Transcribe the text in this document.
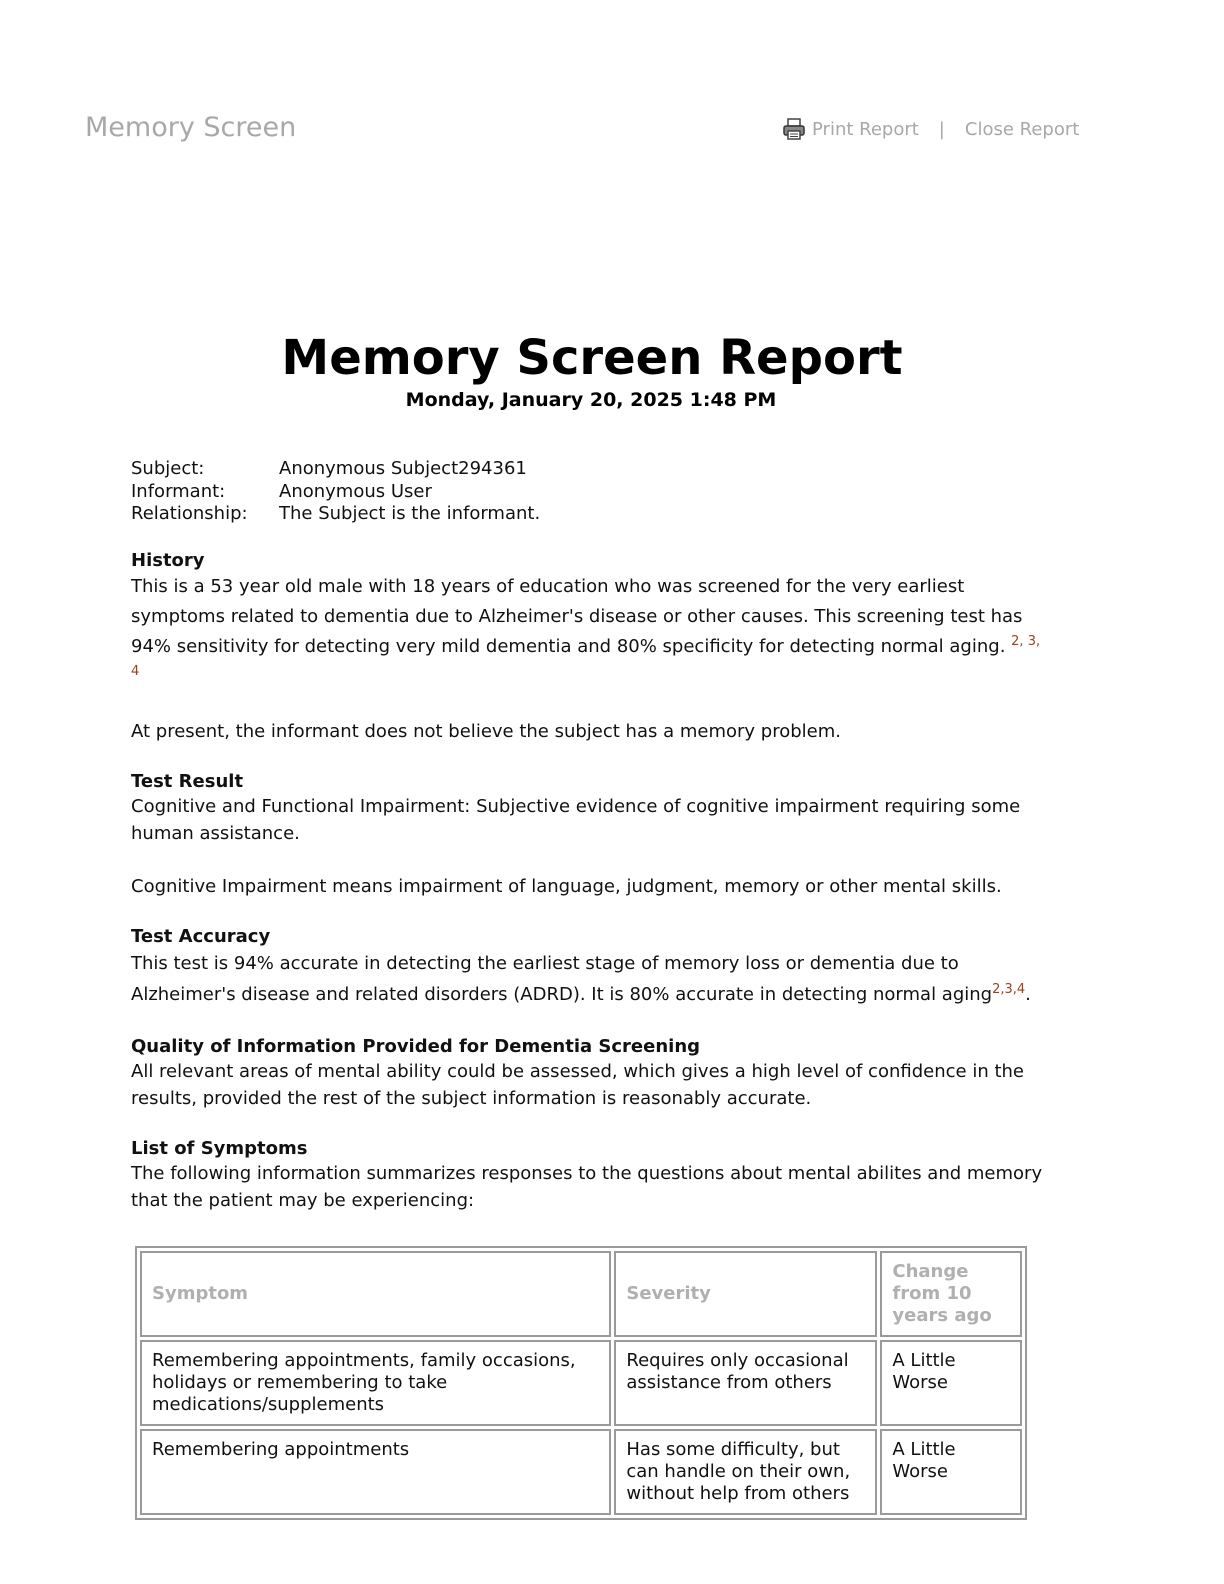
Memory Screen	Print Report | Close Report
Memory Screen Report
Monday, January 20, 2025 1:48 PM
Subject:	Anonymous Subject294361
Informant:	Anonymous User
Relationship:	The Subject is the informant.
History

This is a 53 year old male with 18 years of education who was screened for the very earliest symptoms related to dementia due to Alzheimer's disease or other causes. This screening test has 94% sensitivity for detecting very mild dementia and 80% specificity for detecting normal aging. $^{2, 3, 4}$

At present, the informant does not believe the subject has a memory problem.

Test Result

Cognitive and Functional Impairment: Subjective evidence of cognitive impairment requiring some human assistance.

Cognitive Impairment means impairment of language, judgment, memory or other mental skills.

Test Accuracy

This test is 94% accurate in detecting the earliest stage of memory loss or dementia due to Alzheimer's disease and related disorders (ADRD). It is 80% accurate in detecting normal aging$^{2,3,4}$.

Quality of Information Provided for Dementia Screening

All relevant areas of mental ability could be assessed, which gives a high level of confidence in the results, provided the rest of the subject information is reasonably accurate.

List of Symptoms

The following information summarizes responses to the questions about mental abilites and memory that the patient may be experiencing:

Symptom	Severity	Change from 10 years ago
Remembering appointments, family occasions, holidays or remembering to take medications/supplements	Requires only occasional assistance from others	A Little Worse
Remembering appointments	Has some difficulty, but can handle on their own, without help from others	A Little Worse
